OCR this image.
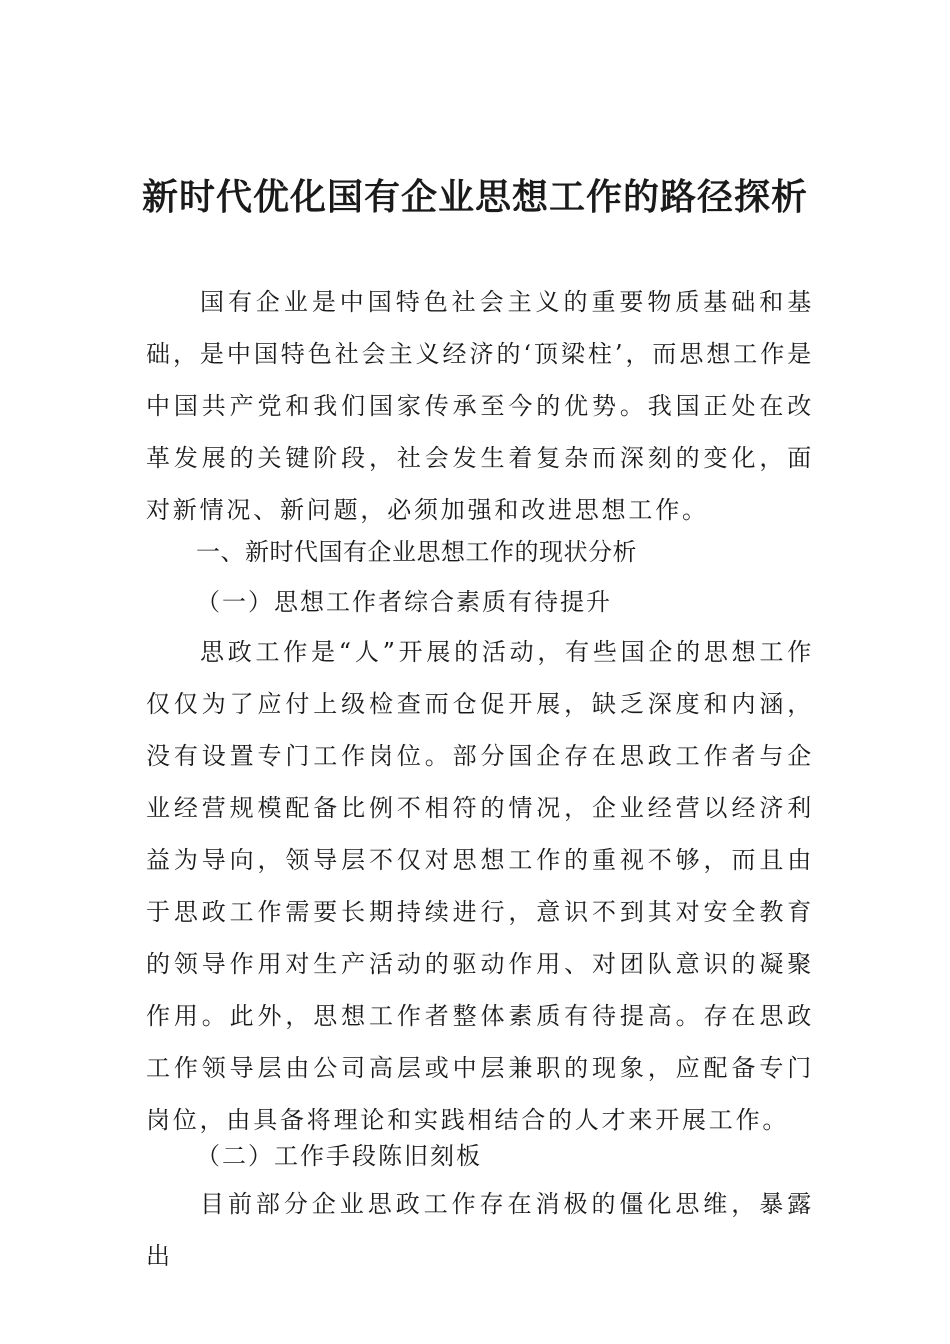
新时代优化国有企业思想工作的路径探析

国有企业是中国特色社会主义的重要物质基础和基础，是中国特色社会主义经济的‘顶梁柱’，而思想工作是中国共产党和我们国家传承至今的优势。我国正处在改革发展的关键阶段，社会发生着复杂而深刻的变化，面对新情况、新问题，必须加强和改进思想工作。

一、新时代国有企业思想工作的现状分析
（一）思想工作者综合素质有待提升

思政工作是“人”开展的活动，有些国企的思想工作仅仅为了应付上级检查而仓促开展，缺乏深度和内涵，没有设置专门工作岗位。部分国企存在思政工作者与企业经营规模配备比例不相符的情况，企业经营以经济利益为导向，领导层不仅对思想工作的重视不够，而且由于思政工作需要长期持续进行，意识不到其对安全教育的领导作用对生产活动的驱动作用、对团队意识的凝聚作用。此外，思想工作者整体素质有待提高。存在思政工作领导层由公司高层或中层兼职的现象，应配备专门岗位，由具备将理论和实践相结合的人才来开展工作。

（二）工作手段陈旧刻板

目前部分企业思政工作存在消极的僵化思维，暴露出
